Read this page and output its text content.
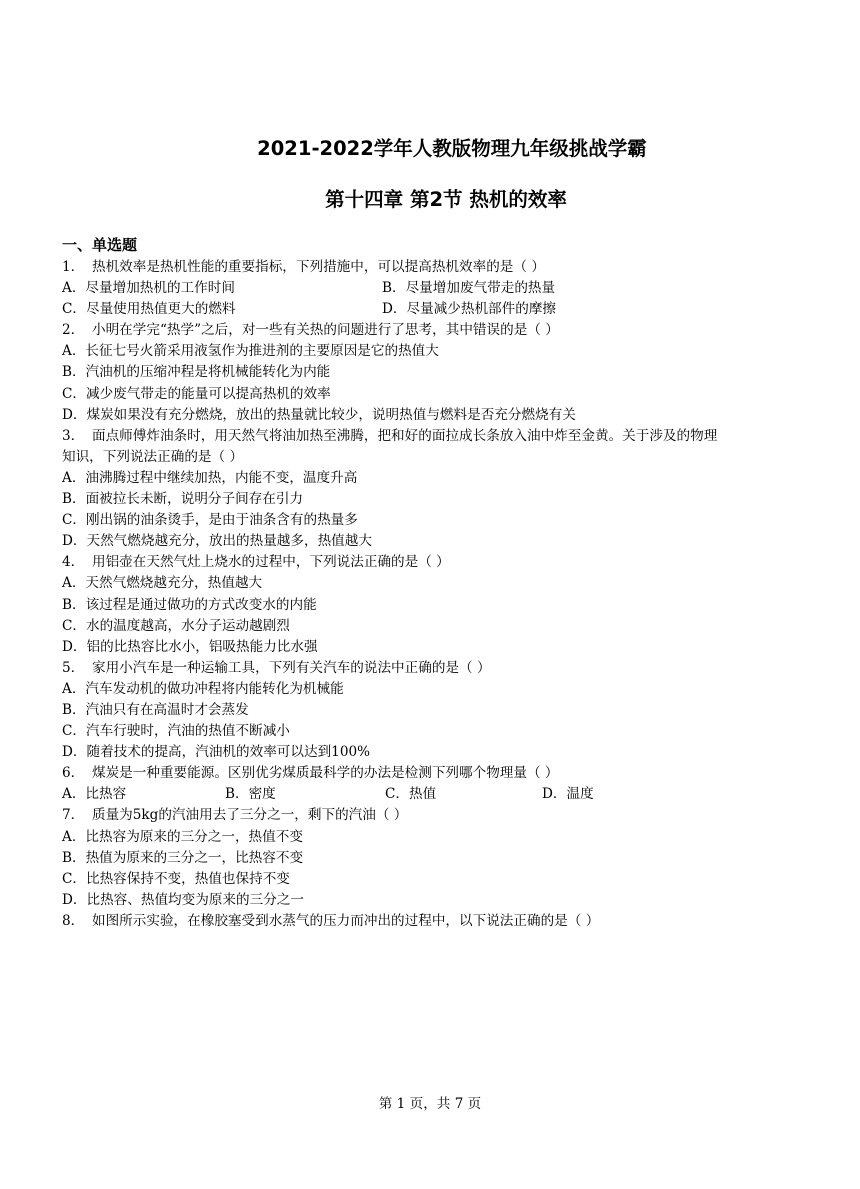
2021-2022学年人教版物理九年级挑战学霸
第十四章 第2节 热机的效率
一、单选题
1． 热机效率是热机性能的重要指标，下列措施中，可以提高热机效率的是（ ）
A．尽量增加热机的工作时间	B．尽量增加废气带走的热量
C．尽量使用热值更大的燃料	D．尽量减少热机部件的摩擦
2． 小明在学完“热学”之后，对一些有关热的问题进行了思考，其中错误的是（ ）
A．长征七号火箭采用液氢作为推进剂的主要原因是它的热值大
B．汽油机的压缩冲程是将机械能转化为内能
C．减少废气带走的能量可以提高热机的效率
D．煤炭如果没有充分燃烧，放出的热量就比较少，说明热值与燃料是否充分燃烧有关
3． 面点师傅炸油条时，用天然气将油加热至沸腾，把和好的面拉成长条放入油中炸至金黄。关于涉及的物理
知识，下列说法正确的是（ ）
A．油沸腾过程中继续加热，内能不变，温度升高
B．面被拉长未断，说明分子间存在引力
C．刚出锅的油条烫手，是由于油条含有的热量多
D．天然气燃烧越充分，放出的热量越多，热值越大
4． 用铝壶在天然气灶上烧水的过程中，下列说法正确的是（ ）
A．天然气燃烧越充分，热值越大
B．该过程是通过做功的方式改变水的内能
C．水的温度越高，水分子运动越剧烈
D．铝的比热容比水小，铝吸热能力比水强
5． 家用小汽车是一种运输工具，下列有关汽车的说法中正确的是（ ）
A．汽车发动机的做功冲程将内能转化为机械能
B．汽油只有在高温时才会蒸发
C．汽车行驶时，汽油的热值不断减小
D．随着技术的提高，汽油机的效率可以达到100%
6． 煤炭是一种重要能源。区别优劣煤质最科学的办法是检测下列哪个物理量（ ）
A．比热容	B．密度	C．热值	D．温度
7． 质量为5kg的汽油用去了三分之一，剩下的汽油（ ）
A．比热容为原来的三分之一，热值不变
B．热值为原来的三分之一，比热容不变
C．比热容保持不变，热值也保持不变
D．比热容、热值均变为原来的三分之一
8． 如图所示实验，在橡胶塞受到水蒸气的压力而冲出的过程中，以下说法正确的是（ ）
第 1 页，共 7 页
